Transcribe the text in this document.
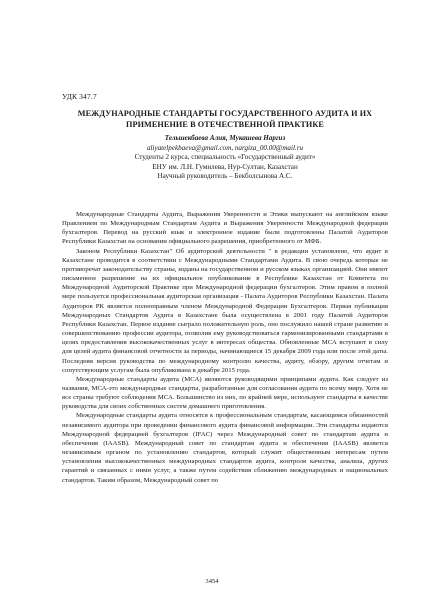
УДК 347.7
МЕЖДУНАРОДНЫЕ СТАНДАРТЫ ГОСУДАРСТВЕННОГО АУДИТА И ИХ ПРИМЕНЕНИЕ В ОТЕЧЕСТВЕННОЙ ПРАКТИКЕ
Тельшекбаева Алия, Мукашева Наргиз
aliyatelpekbaeva@gmail.com, nargiza_00.00@mail.ru
Студенты 2 курса, специальность «Государственный аудит»
ЕНУ им. Л.Н. Гумилева, Нур-Султан, Казахстан
Научный руководитель – Бекболсынова А.С.

Международные Стандарты Аудита, Выражения Уверенности и Этики выпускают на английском языке Правлением по Международным Стандартам Аудита и Выражения Уверенности Международной федерации бухгалтеров. Перевод на русский язык и электронное издание были подготовлены Палатой Аудиторов Республики Казахстан на основании официального разрешения, приобретенного от МФБ.

Законом Республики Казахстан" Об аудиторской деятельности " в редакции установлено, что аудит в Казахстане проводится в соответствии с Международными Стандартами Аудита. В свою очередь которые не противоречат законодательству страны, изданы на государственном и русском языках организацией. Они имеют письменное разрешение на их официальное опубликование в Республике Казахстан от Комитета по Международной Аудиторской Практике при Международной федерации бухгалтеров. Этим правом в полной мере пользуется профессиональная аудиторская организация - Палата Аудиторов Республики Казахстан. Палата Аудиторов РК является полноправным членом Международной Федерации Бухгалтеров. Первая публикация Международных Стандартов Аудита в Казахстане была осуществлена в 2001 году Палатой Аудиторов Республики Казахстан. Первое издание сыграло положительную роль, оно послужило нашей стране развитию и совершенствованию профессии аудитора, позволив ему руководствоваться гармонизированными стандартами в целях предоставления высококачественных услуг в интересах общества. Обновленные МСА вступают в силу для целей аудита финансовой отчетности за периоды, начинающиеся 15 декабря 2009 года или после этой даты. Последняя версия руководства по международному контролю качества, аудиту, обзору, другим отчетам и сопутствующим услугам была опубликована в декабре 2015 года.

Международные стандарты аудита (МСА) являются руководящими принципами аудита. Как следует из названия, МСА-это международные стандарты, разработанные для согласования аудита по всему миру. Хотя не все страны требуют соблюдения МСА. Большинство из них, по крайней мере, используют стандарты в качестве руководства для своих собственных систем домашнего приготовления.

Международные стандарты аудита относятся к профессиональным стандартам, касающимся обязанностей независимого аудитора при проведении финансового аудита финансовой информации. Эти стандарты издаются Международной федерацией бухгалтеров (IFAC) через Международный совет по стандартам аудита и обеспечения (IAASB). Международный совет по стандартам аудита и обеспечения (IAASB) является независимым органом по установлению стандартов, который служит общественным интересам путем установления высококачественных международных стандартов аудита, контроля качества, анализа, других гарантий и связанных с ними услуг, а также путем содействия сближению международных и национальных стандартов. Таким образом, Международный совет по

3454
